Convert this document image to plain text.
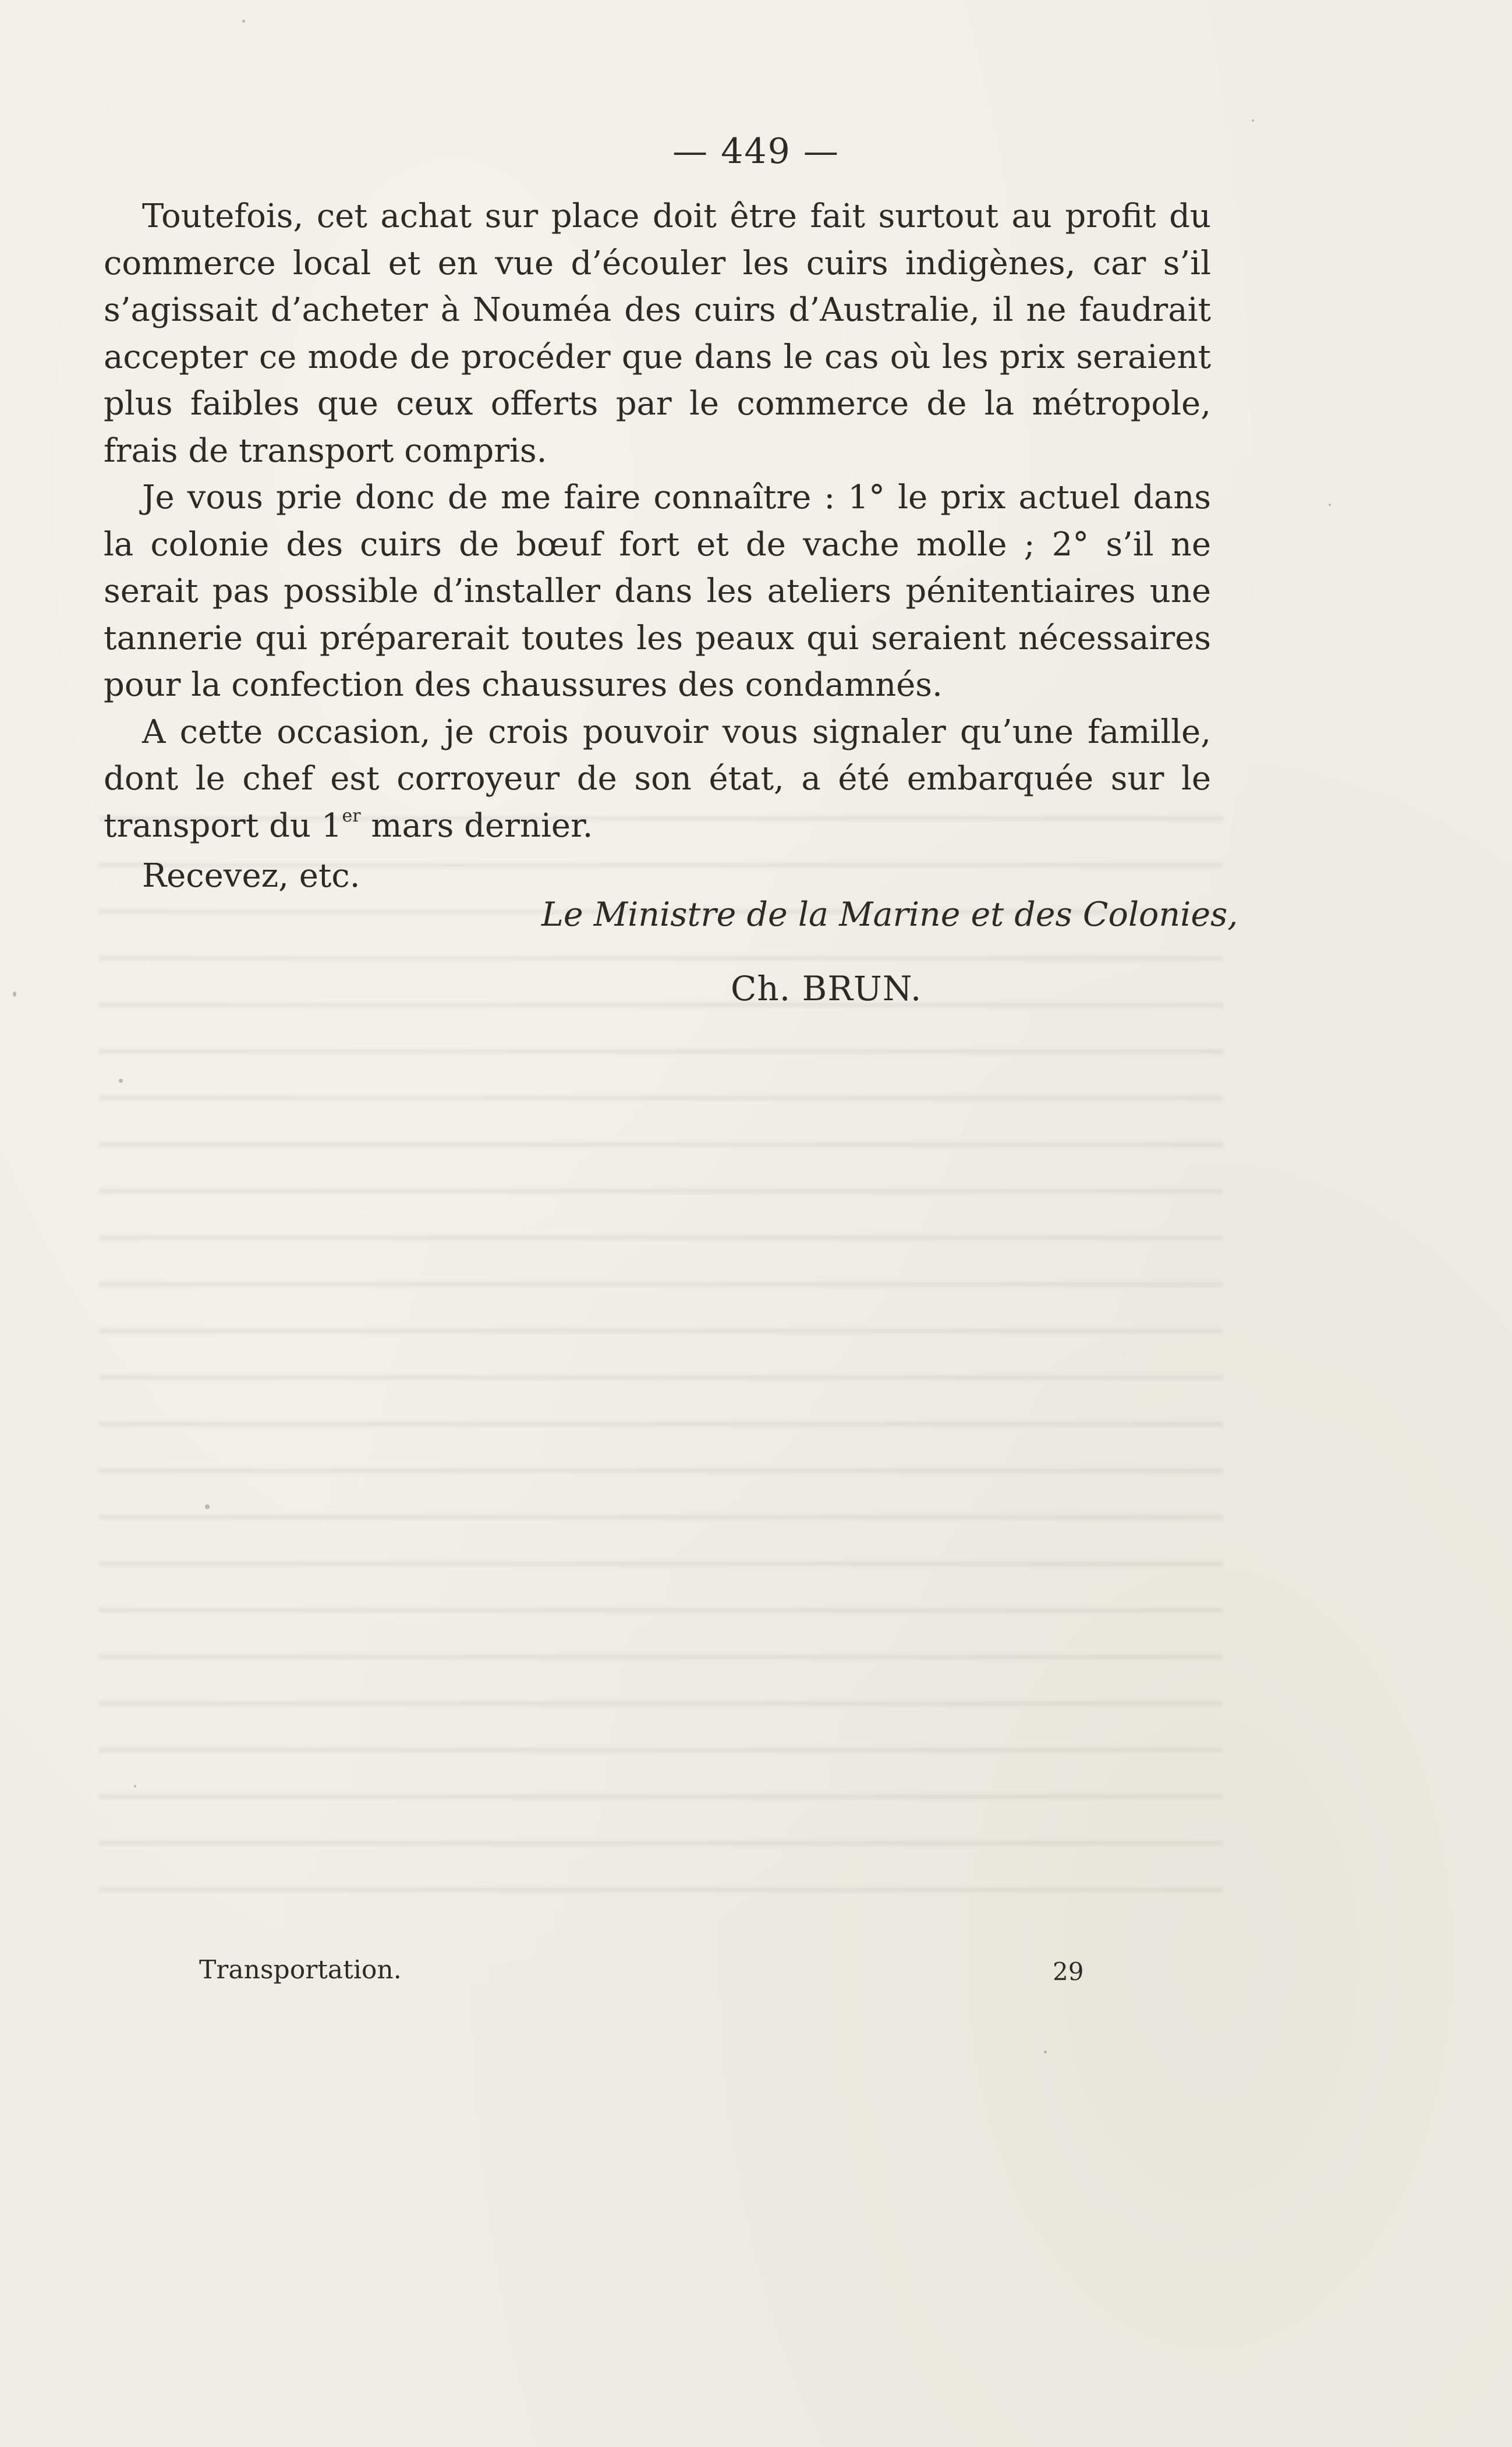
— 449 —

Toutefois, cet achat sur place doit être fait surtout au profit du commerce local et en vue d’écouler les cuirs indigènes, car s’il s’agissait d’acheter à Nouméa des cuirs d’Australie, il ne faudrait accepter ce mode de procéder que dans le cas où les prix seraient plus faibles que ceux offerts par le commerce de la métropole, frais de transport compris.

Je vous prie donc de me faire connaître : 1° le prix actuel dans la colonie des cuirs de bœuf fort et de vache molle ; 2° s’il ne serait pas possible d’installer dans les ateliers pénitentiaires une tannerie qui préparerait toutes les peaux qui seraient nécessaires pour la confection des chaussures des condamnés.

A cette occasion, je crois pouvoir vous signaler qu’une famille, dont le chef est corroyeur de son état, a été embarquée sur le transport du 1er mars dernier.

Recevez, etc.

Le Ministre de la Marine et des Colonies,
Ch. BRUN.
Transportation.	29
